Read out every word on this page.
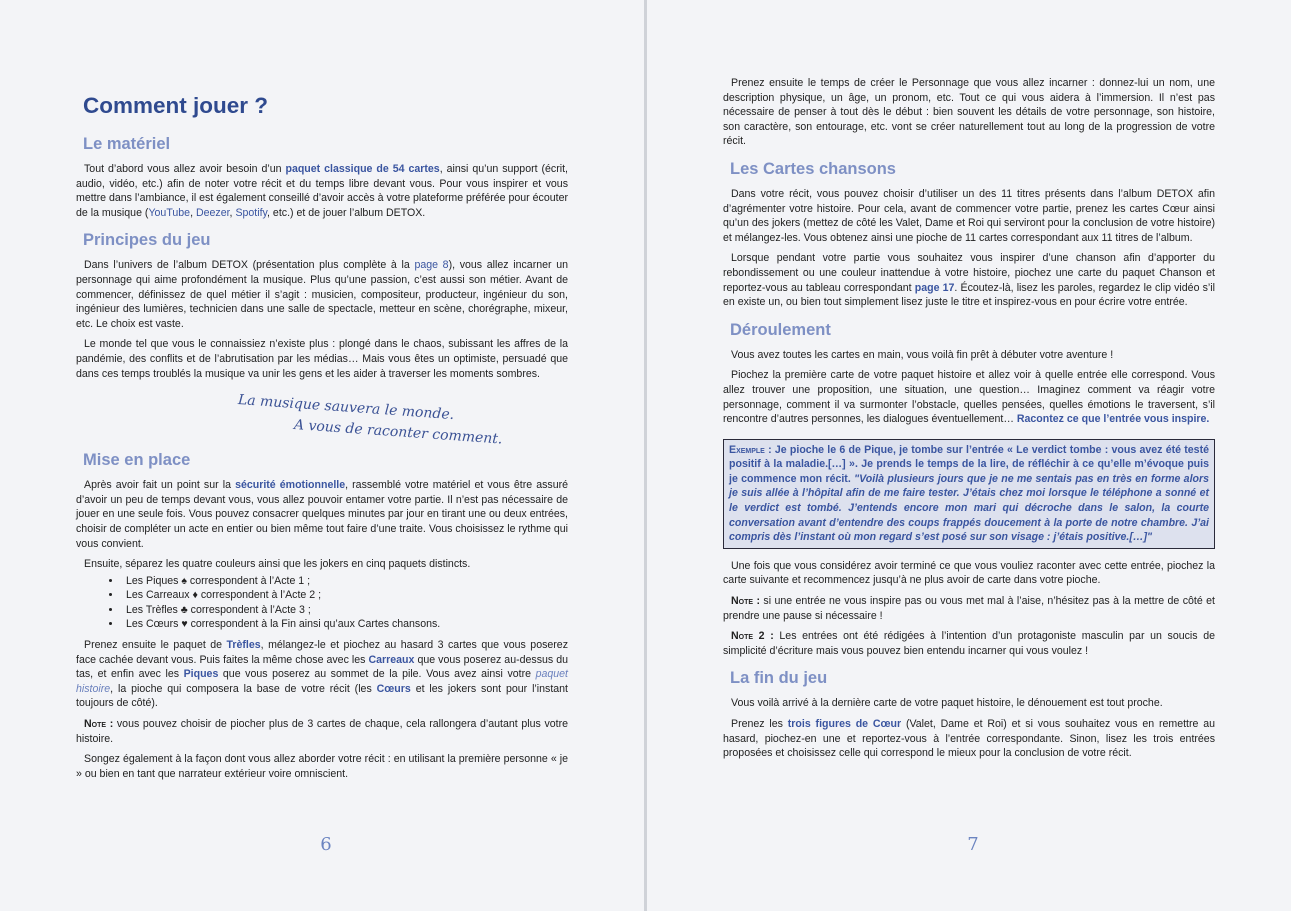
Comment jouer ?
Le matériel

Tout d’abord vous allez avoir besoin d’un paquet classique de 54 cartes, ainsi qu’un support (écrit, audio, vidéo, etc.) afin de noter votre récit et du temps libre devant vous. Pour vous inspirer et vous mettre dans l’ambiance, il est également conseillé d’avoir accès à votre plateforme préférée pour écouter de la musique (YouTube, Deezer, Spotify, etc.) et de jouer l’album DETOX.

Principes du jeu

Dans l’univers de l’album DETOX (présentation plus complète à la page 8), vous allez incarner un personnage qui aime profondément la musique. Plus qu’une passion, c’est aussi son métier. Avant de commencer, définissez de quel métier il s’agit : musicien, compositeur, producteur, ingénieur du son, ingénieur des lumières, technicien dans une salle de spectacle, metteur en scène, chorégraphe, mixeur, etc. Le choix est vaste.

Le monde tel que vous le connaissiez n’existe plus : plongé dans le chaos, subissant les affres de la pandémie, des conflits et de l’abrutisation par les médias… Mais vous êtes un optimiste, persuadé que dans ces temps troublés la musique va unir les gens et les aider à traverser les moments sombres.

La musique sauvera le monde.
A vous de raconter comment.
Mise en place

Après avoir fait un point sur la sécurité émotionnelle, rassemblé votre matériel et vous être assuré d’avoir un peu de temps devant vous, vous allez pouvoir entamer votre partie. Il n’est pas nécessaire de jouer en une seule fois. Vous pouvez consacrer quelques minutes par jour en tirant une ou deux entrées, choisir de compléter un acte en entier ou bien même tout faire d’une traite. Vous choisissez le rythme qui vous convient.

Ensuite, séparez les quatre couleurs ainsi que les jokers en cinq paquets distincts.

• Les Piques ♠ correspondent à l’Acte 1 ;
• Les Carreaux ♦ correspondent à l’Acte 2 ;
• Les Trèfles ♣ correspondent à l’Acte 3 ;
• Les Cœurs ♥ correspondent à la Fin ainsi qu’aux Cartes chansons.

Prenez ensuite le paquet de Trèfles, mélangez-le et piochez au hasard 3 cartes que vous poserez face cachée devant vous. Puis faites la même chose avec les Carreaux que vous poserez au-dessus du tas, et enfin avec les Piques que vous poserez au sommet de la pile. Vous avez ainsi votre paquet histoire, la pioche qui composera la base de votre récit (les Cœurs et les jokers sont pour l’instant toujours de côté).

Note : vous pouvez choisir de piocher plus de 3 cartes de chaque, cela rallongera d’autant plus votre histoire.

Songez également à la façon dont vous allez aborder votre récit : en utilisant la première personne « je » ou bien en tant que narrateur extérieur voire omniscient.

6

Prenez ensuite le temps de créer le Personnage que vous allez incarner : donnez-lui un nom, une description physique, un âge, un pronom, etc. Tout ce qui vous aidera à l’immersion. Il n’est pas nécessaire de penser à tout dès le début : bien souvent les détails de votre personnage, son histoire, son caractère, son entourage, etc. vont se créer naturellement tout au long de la progression de votre récit.

Les Cartes chansons

Dans votre récit, vous pouvez choisir d’utiliser un des 11 titres présents dans l’album DETOX afin d’agrémenter votre histoire. Pour cela, avant de commencer votre partie, prenez les cartes Cœur ainsi qu’un des jokers (mettez de côté les Valet, Dame et Roi qui serviront pour la conclusion de votre histoire) et mélangez-les. Vous obtenez ainsi une pioche de 11 cartes correspondant aux 11 titres de l’album.

Lorsque pendant votre partie vous souhaitez vous inspirer d’une chanson afin d’apporter du rebondissement ou une couleur inattendue à votre histoire, piochez une carte du paquet Chanson et reportez-vous au tableau correspondant page 17. Écoutez-là, lisez les paroles, regardez le clip vidéo s’il en existe un, ou bien tout simplement lisez juste le titre et inspirez-vous en pour écrire votre entrée.

Déroulement

Vous avez toutes les cartes en main, vous voilà fin prêt à débuter votre aventure !

Piochez la première carte de votre paquet histoire et allez voir à quelle entrée elle correspond. Vous allez trouver une proposition, une situation, une question… Imaginez comment va réagir votre personnage, comment il va surmonter l’obstacle, quelles pensées, quelles émotions le traversent, s’il rencontre d’autres personnes, les dialogues éventuellement… Racontez ce que l’entrée vous inspire.

Exemple : Je pioche le 6 de Pique, je tombe sur l’entrée « Le verdict tombe : vous avez été testé positif à la maladie.[…] ». Je prends le temps de la lire, de réfléchir à ce qu’elle m’évoque puis je commence mon récit. "Voilà plusieurs jours que je ne me sentais pas en très en forme alors je suis allée à l’hôpital afin de me faire tester. J’étais chez moi lorsque le téléphone a sonné et le verdict est tombé. J’entends encore mon mari qui décroche dans le salon, la courte conversation avant d’entendre des coups frappés doucement à la porte de notre chambre. J’ai compris dès l’instant où mon regard s’est posé sur son visage : j’étais positive.[…]"

Une fois que vous considérez avoir terminé ce que vous vouliez raconter avec cette entrée, piochez la carte suivante et recommencez jusqu’à ne plus avoir de carte dans votre pioche.

Note : si une entrée ne vous inspire pas ou vous met mal à l’aise, n’hésitez pas à la mettre de côté et prendre une pause si nécessaire !

Note 2 : Les entrées ont été rédigées à l’intention d’un protagoniste masculin par un soucis de simplicité d’écriture mais vous pouvez bien entendu incarner qui vous voulez !

La fin du jeu

Vous voilà arrivé à la dernière carte de votre paquet histoire, le dénouement est tout proche.

Prenez les trois figures de Cœur (Valet, Dame et Roi) et si vous souhaitez vous en remettre au hasard, piochez-en une et reportez-vous à l’entrée correspondante. Sinon, lisez les trois entrées proposées et choisissez celle qui correspond le mieux pour la conclusion de votre récit.

7
